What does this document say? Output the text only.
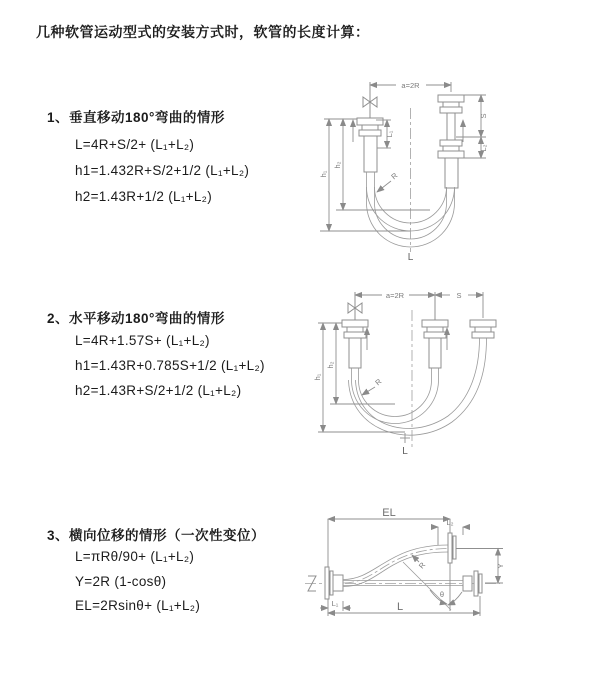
几种软管运动型式的安装方式时，软管的长度计算：
1、垂直移动180°弯曲的情形
L=4R+S/2+ (L₁+L₂)
h1=1.432R+S/2+1/2 (L₁+L₂)
h2=1.43R+1/2 (L₁+L₂)
2、水平移动180°弯曲的情形
L=4R+1.57S+ (L₁+L₂)
h1=1.43R+0.785S+1/2 (L₁+L₂)
h2=1.43R+S/2+1/2 (L₁+L₂)
3、横向位移的情形（一次性变位）
L=πRθ/90+ (L₁+L₂)
Y=2R (1-cosθ)
EL=2Rsinθ+ (L₁+L₂)
a=2R
L₁
S
L₂
h₁
h₂
R
L
a=2R	S
h₁
h₂
R
L
EL
L₂
Y
θ
R
L₁	L
